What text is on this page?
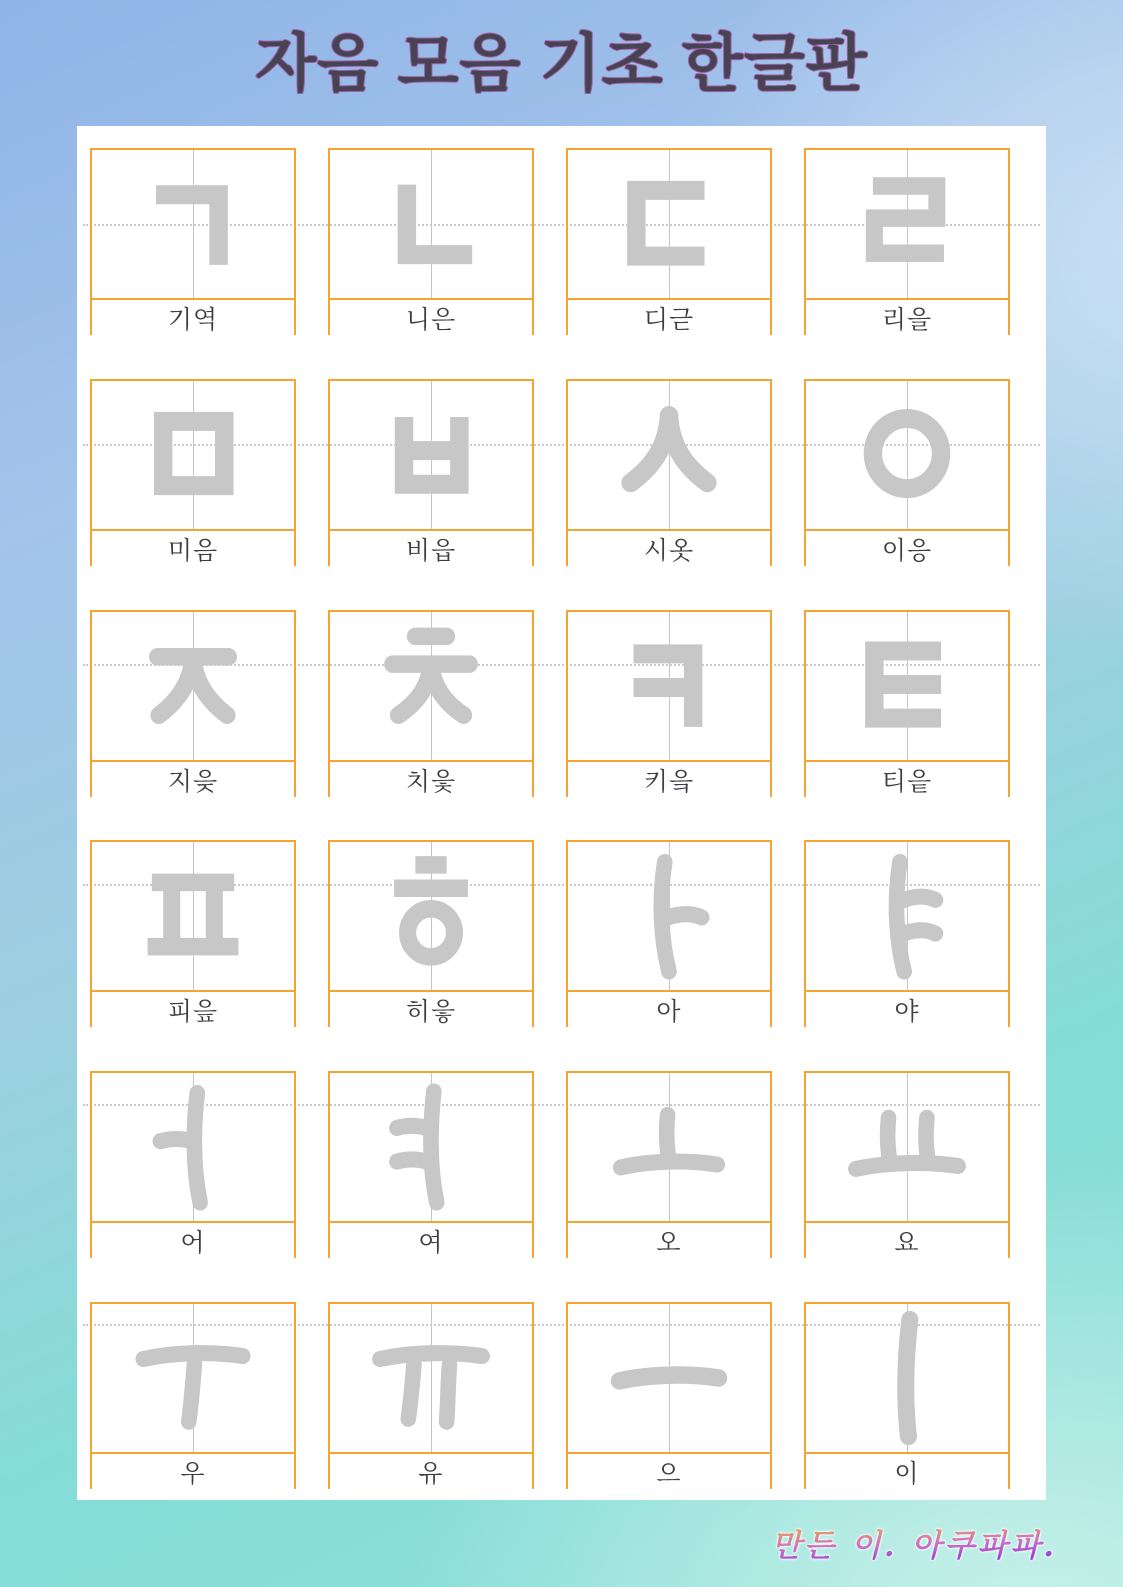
자음 모음 기초 한글판
기역	니은	디귿	리을
미음	비읍	시옷	이응
지읒	치읓	키읔	티읕
피읖	히읗	아	야
어	여	오	요
우	유	으	이
만든 이. 아쿠파파.
